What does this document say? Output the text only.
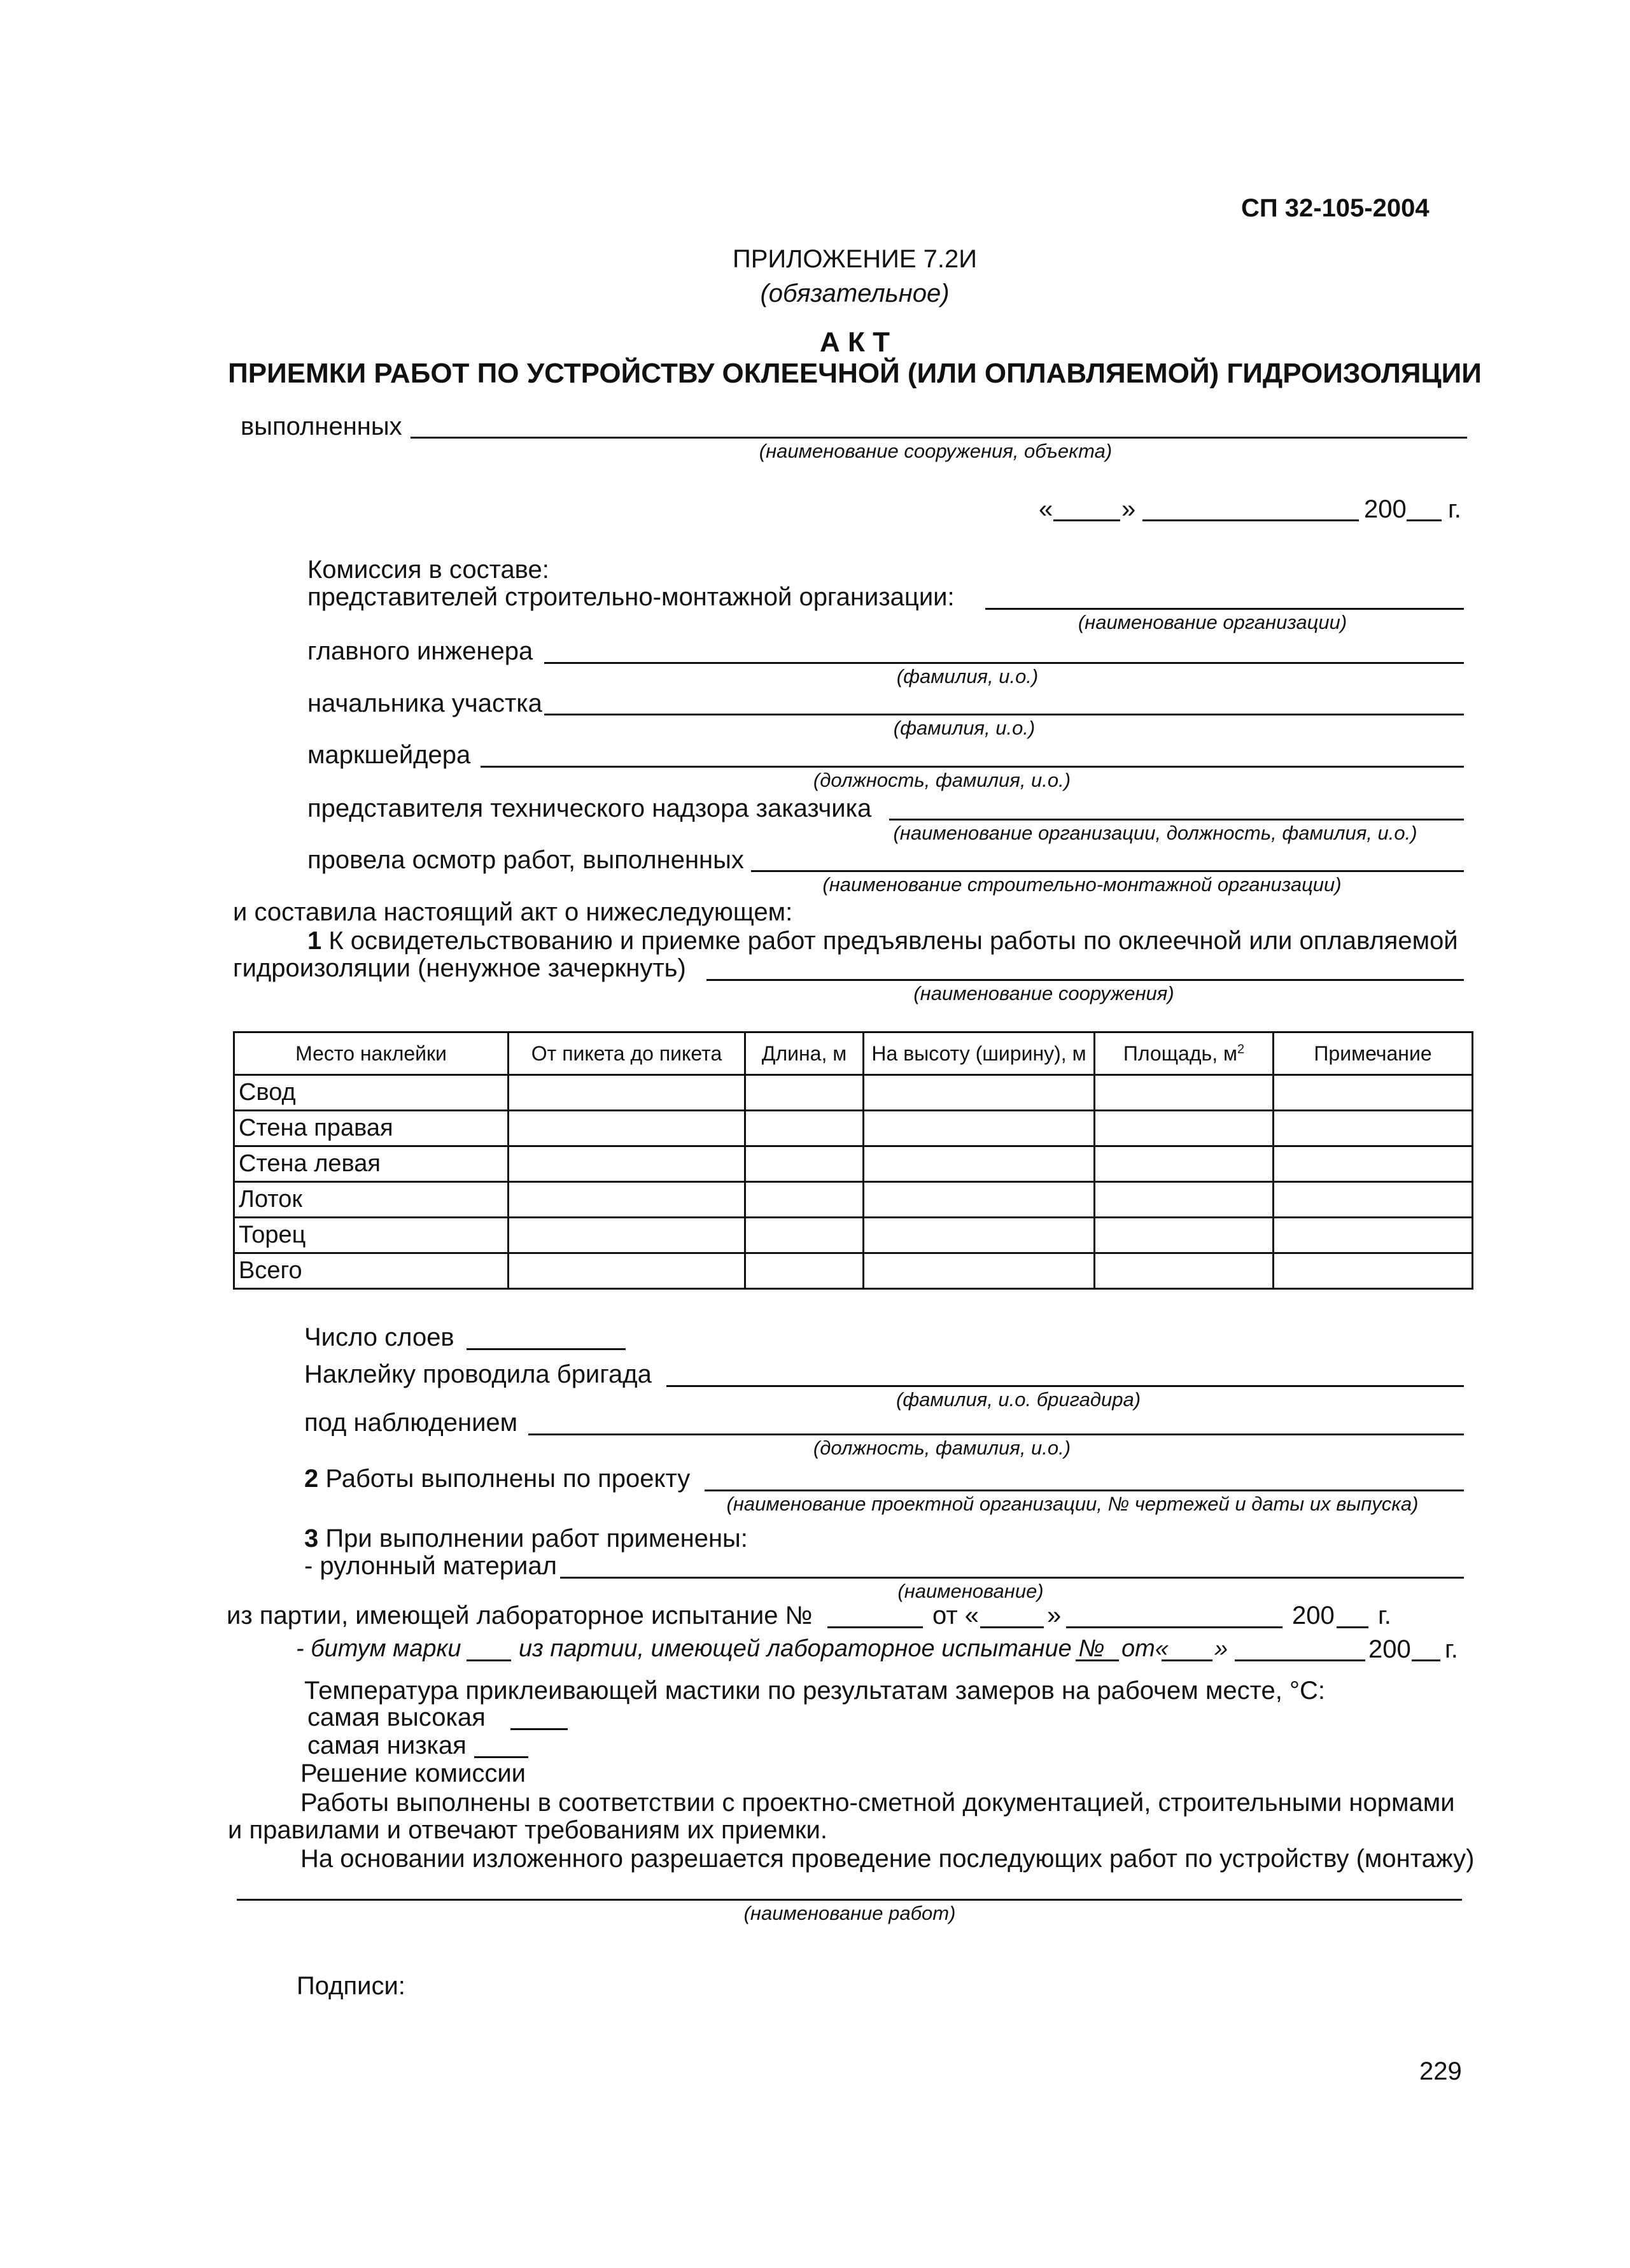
СП 32-105-2004
ПРИЛОЖЕНИЕ 7.2И
(обязательное)
А К Т
ПРИЕМКИ РАБОТ ПО УСТРОЙСТВУ ОКЛЕЕЧНОЙ (ИЛИ ОПЛАВЛЯЕМОЙ) ГИДРОИЗОЛЯЦИИ
выполненных
(наименование сооружения, объекта)
«	»	200 г.
Комиссия в составе:
представителей строительно-монтажной организации:
(наименование организации)
главного инженера
(фамилия, и.о.)
начальника участка
(фамилия, и.о.)
маркшейдера
(должность, фамилия, и.о.)
представителя технического надзора заказчика
(наименование организации, должность, фамилия, и.о.)
провела осмотр работ, выполненных
(наименование строительно-монтажной организации)
и составила настоящий акт о нижеследующем:
1 К освидетельствованию и приемке работ предъявлены работы по оклеечной или оплавляемой
гидроизоляции (ненужное зачеркнуть)
(наименование сооружения)
Место наклейки	От пикета до пикета	Длина, м	На высоту (ширину), м	Площадь, $м^2$	Примечание
Свод					
Стена правая					
Стена левая					
Лоток					
Торец					
Всего					
Число слоев
Наклейку проводила бригада
(фамилия, и.о. бригадира)
под наблюдением
(должность, фамилия, и.о.)
2 Работы выполнены по проекту
(наименование проектной организации, № чертежей и даты их выпуска)
3 При выполнении работ применены:
- рулонный материал
(наименование)
из партии, имеющей лабораторное испытание №	от «	»	200 г.
- битум марки из партии, имеющей лабораторное испытание № от« »	200 г.
Температура приклеивающей мастики по результатам замеров на рабочем месте, °С:
самая высокая
самая низкая
Решение комиссии
Работы выполнены в соответствии с проектно-сметной документацией, строительными нормами
и правилами и отвечают требованиям их приемки.
На основании изложенного разрешается проведение последующих работ по устройству (монтажу)
(наименование работ)
Подписи:
229
